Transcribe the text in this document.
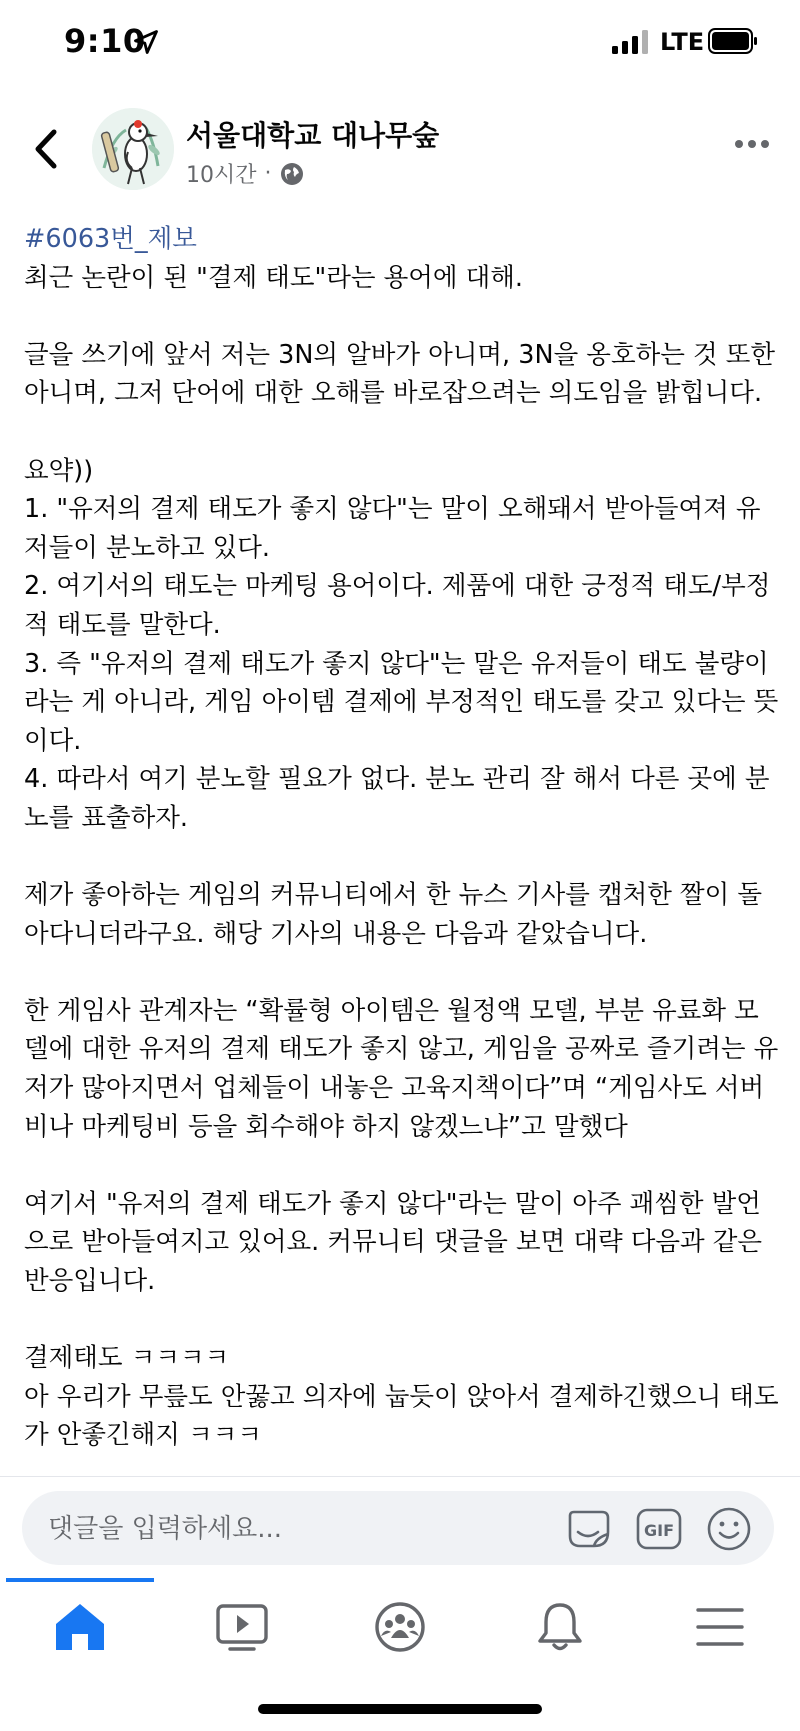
9:10	LTE
서울대학교 대나무숲
10시간 ·

#6063번_제보

최근 논란이 된 "결제 태도"라는 용어에 대해.

글을 쓰기에 앞서 저는 3N의 알바가 아니며, 3N을 옹호하는 것 또한 아니며, 그저 단어에 대한 오해를 바로잡으려는 의도임을 밝힙니다.

요약))

1. "유저의 결제 태도가 좋지 않다"는 말이 오해돼서 받아들여져 유저들이 분노하고 있다.

2. 여기서의 태도는 마케팅 용어이다. 제품에 대한 긍정적 태도/부정적 태도를 말한다.

3. 즉 "유저의 결제 태도가 좋지 않다"는 말은 유저들이 태도 불량이라는 게 아니라, 게임 아이템 결제에 부정적인 태도를 갖고 있다는 뜻이다.

4. 따라서 여기 분노할 필요가 없다. 분노 관리 잘 해서 다른 곳에 분노를 표출하자.

제가 좋아하는 게임의 커뮤니티에서 한 뉴스 기사를 캡처한 짤이 돌아다니더라구요. 해당 기사의 내용은 다음과 같았습니다.

한 게임사 관계자는 “확률형 아이템은 월정액 모델, 부분 유료화 모델에 대한 유저의 결제 태도가 좋지 않고, 게임을 공짜로 즐기려는 유저가 많아지면서 업체들이 내놓은 고육지책이다”며 “게임사도 서버비나 마케팅비 등을 회수해야 하지 않겠느냐”고 말했다

여기서 "유저의 결제 태도가 좋지 않다"라는 말이 아주 괘씸한 발언으로 받아들여지고 있어요. 커뮤니티 댓글을 보면 대략 다음과 같은 반응입니다.

결제태도 ㅋㅋㅋㅋ

아 우리가 무릎도 안꿇고 의자에 눕듯이 앉아서 결제하긴했으니 태도가 안좋긴해지 ㅋㅋㅋ

댓글을 입력하세요...
GIF
